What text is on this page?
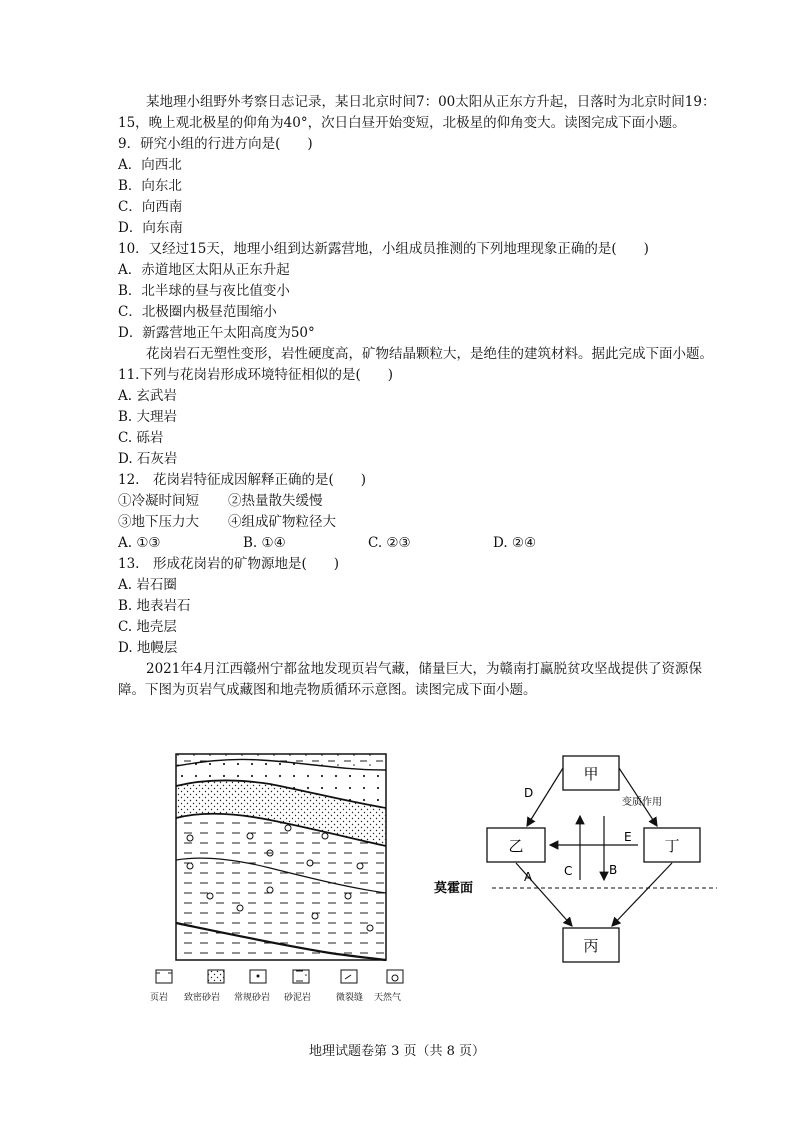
某地理小组野外考察日志记录，某日北京时间7：00太阳从正东方升起，日落时为北京时间19：15，晚上观北极星的仰角为40°，次日白昼开始变短，北极星的仰角变大。读图完成下面小题。
9．研究小组的行进方向是(　　)
A．向西北
B．向东北
C．向西南
D．向东南
10．又经过15天，地理小组到达新露营地，小组成员推测的下列地理现象正确的是(　　)
A．赤道地区太阳从正东升起
B．北半球的昼与夜比值变小
C．北极圈内极昼范围缩小
D．新露营地正午太阳高度为50°
花岗岩石无塑性变形，岩性硬度高，矿物结晶颗粒大，是绝佳的建筑材料。据此完成下面小题。
11.下列与花岗岩形成环境特征相似的是(　　)
A. 玄武岩
B. 大理岩
C. 砾岩
D. 石灰岩
12.　花岗岩特征成因解释正确的是(　　)
①冷凝时间短	②热量散失缓慢
③地下压力大	④组成矿物粒径大
A. ①③	B. ①④	C. ②③	D. ②④
13.　形成花岗岩的矿物源地是(　　)
A. 岩石圈
B. 地表岩石
C. 地壳层
D. 地幔层
2021年4月江西赣州宁都盆地发现页岩气藏，储量巨大，为赣南打赢脱贫攻坚战提供了资源保障。下图为页岩气成藏图和地壳物质循环示意图。读图完成下面小题。
页岩 致密砂岩 常规砂岩 砂泥岩	微裂缝 天然气
甲
乙	丁
丙
莫霍面
D
变质作用
C	B
E
A
地理试题卷第 3 页（共 8 页）
